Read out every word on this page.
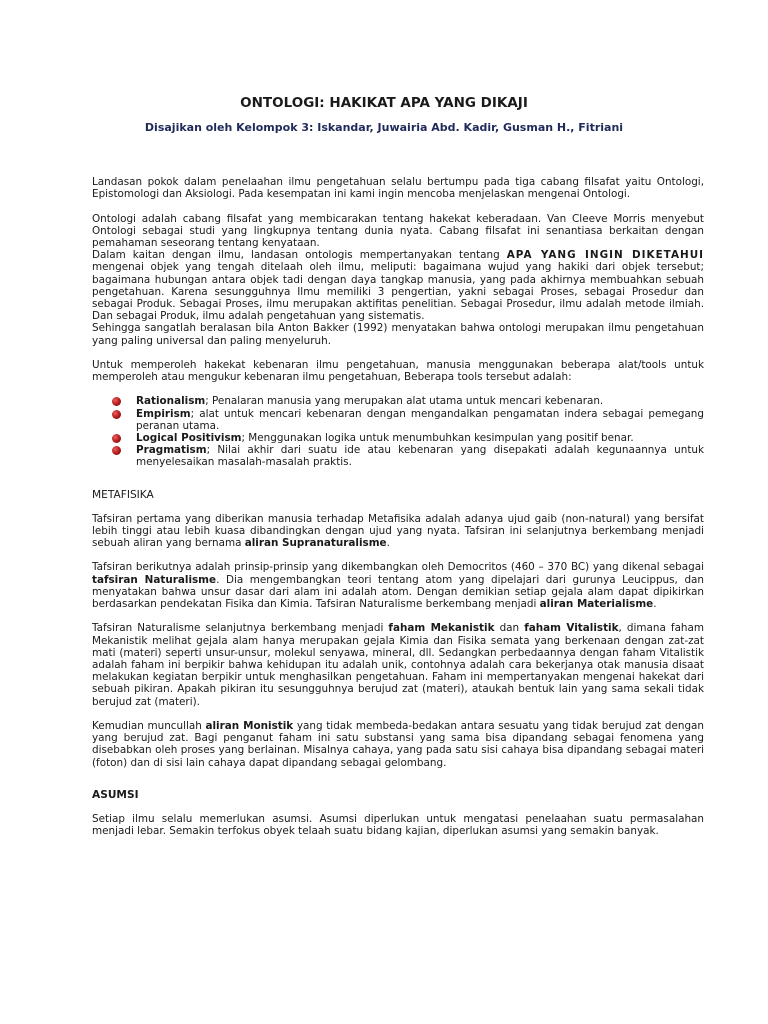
ONTOLOGI: HAKIKAT APA YANG DIKAJI
Disajikan oleh Kelompok 3: Iskandar, Juwairia Abd. Kadir, Gusman H., Fitriani

Landasan pokok dalam penelaahan ilmu pengetahuan selalu bertumpu pada tiga cabang filsafat yaitu Ontologi, Epistomologi dan Aksiologi. Pada kesempatan ini kami ingin mencoba menjelaskan mengenai Ontologi.

Ontologi adalah cabang filsafat yang membicarakan tentang hakekat keberadaan. Van Cleeve Morris menyebut Ontologi sebagai studi yang lingkupnya tentang dunia nyata. Cabang filsafat ini senantiasa berkaitan dengan pemahaman seseorang tentang kenyataan.

Dalam kaitan dengan ilmu, landasan ontologis mempertanyakan tentang APA YANG INGIN DIKETAHUI mengenai objek yang tengah ditelaah oleh ilmu, meliputi: bagaimana wujud yang hakiki dari objek tersebut; bagaimana hubungan antara objek tadi dengan daya tangkap manusia, yang pada akhirnya membuahkan sebuah pengetahuan. Karena sesungguhnya Ilmu memiliki 3 pengertian, yakni sebagai Proses, sebagai Prosedur dan sebagai Produk. Sebagai Proses, ilmu merupakan aktifitas penelitian. Sebagai Prosedur, ilmu adalah metode ilmiah. Dan sebagai Produk, ilmu adalah pengetahuan yang sistematis.

Sehingga sangatlah beralasan bila Anton Bakker (1992) menyatakan bahwa ontologi merupakan ilmu pengetahuan yang paling universal dan paling menyeluruh.

Untuk memperoleh hakekat kebenaran ilmu pengetahuan, manusia menggunakan beberapa alat/tools untuk memperoleh atau mengukur kebenaran ilmu pengetahuan, Beberapa tools tersebut adalah:

Rationalism; Penalaran manusia yang merupakan alat utama untuk mencari kebenaran.
Empirism; alat untuk mencari kebenaran dengan mengandalkan pengamatan indera sebagai pemegang peranan utama.
Logical Positivism; Menggunakan logika untuk menumbuhkan kesimpulan yang positif benar.
Pragmatism; Nilai akhir dari suatu ide atau kebenaran yang disepakati adalah kegunaannya untuk menyelesaikan masalah-masalah praktis.
METAFISIKA

Tafsiran pertama yang diberikan manusia terhadap Metafisika adalah adanya ujud gaib (non-natural) yang bersifat lebih tinggi atau lebih kuasa dibandingkan dengan ujud yang nyata. Tafsiran ini selanjutnya berkembang menjadi sebuah aliran yang bernama aliran Supranaturalisme.

Tafsiran berikutnya adalah prinsip-prinsip yang dikembangkan oleh Democritos (460 – 370 BC) yang dikenal sebagai tafsiran Naturalisme. Dia mengembangkan teori tentang atom yang dipelajari dari gurunya Leucippus, dan menyatakan bahwa unsur dasar dari alam ini adalah atom. Dengan demikian setiap gejala alam dapat dipikirkan berdasarkan pendekatan Fisika dan Kimia. Tafsiran Naturalisme berkembang menjadi aliran Materialisme.

Tafsiran Naturalisme selanjutnya berkembang menjadi faham Mekanistik dan faham Vitalistik, dimana faham Mekanistik melihat gejala alam hanya merupakan gejala Kimia dan Fisika semata yang berkenaan dengan zat-zat mati (materi) seperti unsur-unsur, molekul senyawa, mineral, dll. Sedangkan perbedaannya dengan faham Vitalistik adalah faham ini berpikir bahwa kehidupan itu adalah unik, contohnya adalah cara bekerjanya otak manusia disaat melakukan kegiatan berpikir untuk menghasilkan pengetahuan. Faham ini mempertanyakan mengenai hakekat dari sebuah pikiran. Apakah pikiran itu sesungguhnya berujud zat (materi), ataukah bentuk lain yang sama sekali tidak berujud zat (materi).

Kemudian muncullah aliran Monistik yang tidak membeda-bedakan antara sesuatu yang tidak berujud zat dengan yang berujud zat. Bagi penganut faham ini satu substansi yang sama bisa dipandang sebagai fenomena yang disebabkan oleh proses yang berlainan. Misalnya cahaya, yang pada satu sisi cahaya bisa dipandang sebagai materi (foton) dan di sisi lain cahaya dapat dipandang sebagai gelombang.

ASUMSI

Setiap ilmu selalu memerlukan asumsi. Asumsi diperlukan untuk mengatasi penelaahan suatu permasalahan menjadi lebar. Semakin terfokus obyek telaah suatu bidang kajian, diperlukan asumsi yang semakin banyak.
